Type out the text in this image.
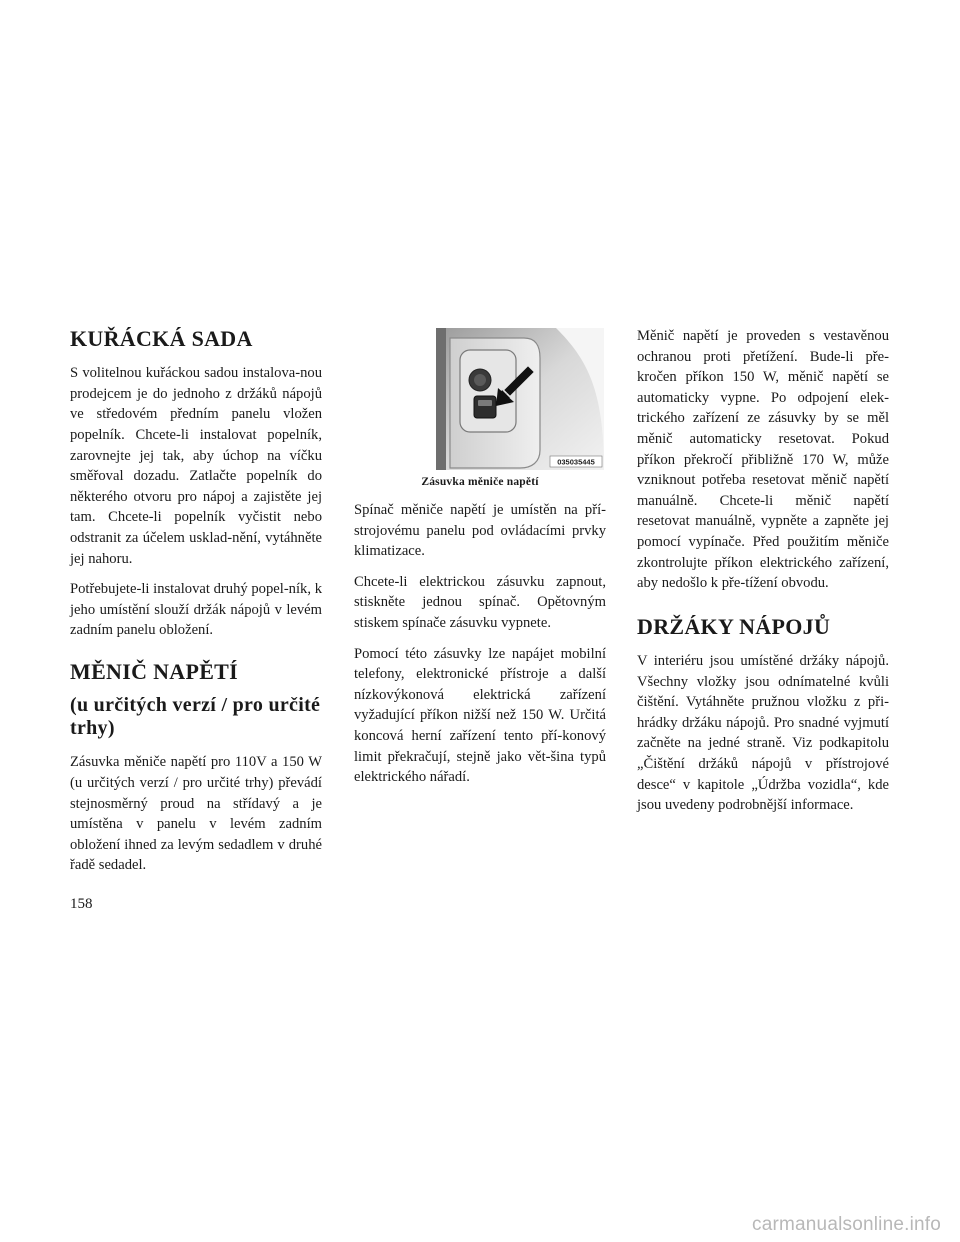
KUŘÁCKÁ SADA

S volitelnou kuřáckou sadou instalova-nou prodejcem je do jednoho z držáků nápojů ve středovém předním panelu vložen popelník. Chcete-li instalovat popelník, zarovnejte jej tak, aby úchop na víčku směřoval dozadu. Zatlačte popelník do některého otvoru pro nápoj a zajistěte jej tam. Chcete-li popelník vyčistit nebo odstranit za účelem usklad-nění, vytáhněte jej nahoru.

Potřebujete-li instalovat druhý popel-ník, k jeho umístění slouží držák nápojů v levém zadním panelu obložení.

MĚNIČ NAPĚTÍ
(u určitých verzí / pro určité trhy)

Zásuvka měniče napětí pro 110V a 150 W (u určitých verzí / pro určité trhy) převádí stejnosměrný proud na střídavý a je umístěna v panelu v levém zadním obložení ihned za levým sedadlem v druhé řadě sedadel.

035035445
Zásuvka měniče napětí

Spínač měniče napětí je umístěn na pří-strojovému panelu pod ovládacími prvky klimatizace.

Chcete-li elektrickou zásuvku zapnout, stiskněte jednou spínač. Opětovným stiskem spínače zásuvku vypnete.

Pomocí této zásuvky lze napájet mobilní telefony, elektronické přístroje a další nízkovýkonová elektrická zařízení vyžadující příkon nižší než 150 W. Určitá koncová herní zařízení tento pří-konový limit překračují, stejně jako vět-šina typů elektrického nářadí.

Měnič napětí je proveden s vestavěnou ochranou proti přetížení. Bude-li pře-kročen příkon 150 W, měnič napětí se automaticky vypne. Po odpojení elek-trického zařízení ze zásuvky by se měl měnič automaticky resetovat. Pokud příkon překročí přibližně 170 W, může vzniknout potřeba resetovat měnič napětí manuálně. Chcete-li měnič napětí resetovat manuálně, vypněte a zapněte jej pomocí vypínače. Před použitím měniče zkontrolujte příkon elektrického zařízení, aby nedošlo k pře-tížení obvodu.

DRŽÁKY NÁPOJŮ

V interiéru jsou umístěné držáky nápojů. Všechny vložky jsou odnímatelné kvůli čištění. Vytáhněte pružnou vložku z při-hrádky držáku nápojů. Pro snadné vyjmutí začněte na jedné straně. Viz podkapitolu „Čištění držáků nápojů v přístrojové desce“ v kapitole „Údržba vozidla“, kde jsou uvedeny podrobnější informace.

158
carmanualsonline.info
